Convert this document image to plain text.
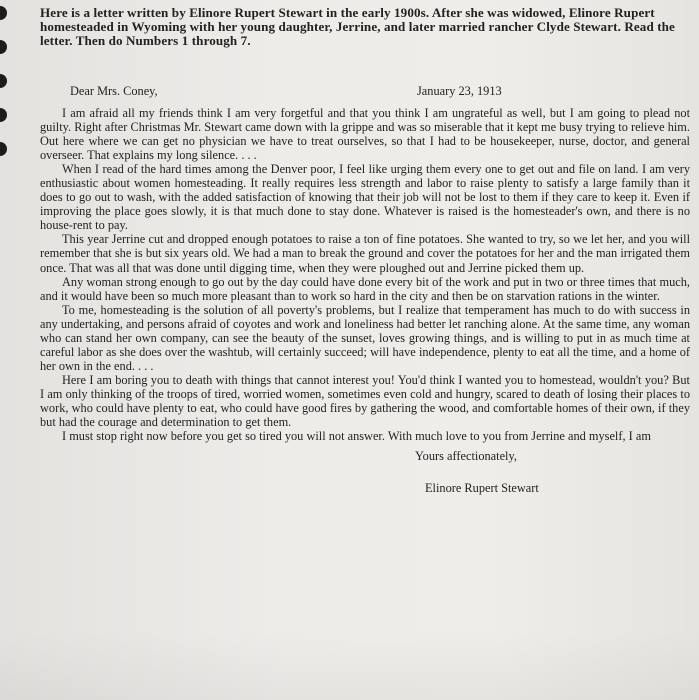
Here is a letter written by Elinore Rupert Stewart in the early 1900s. After she was widowed, Elinore Rupert homesteaded in Wyoming with her young daughter, Jerrine, and later married rancher Clyde Stewart. Read the letter. Then do Numbers 1 through 7.

Dear Mrs. Coney,	January 23, 1913

I am afraid all my friends think I am very forgetful and that you think I am ungrateful as well, but I am going to plead not guilty. Right after Christmas Mr. Stewart came down with la grippe and was so miserable that it kept me busy trying to relieve him. Out here where we can get no physician we have to treat ourselves, so that I had to be housekeeper, nurse, doctor, and general overseer. That explains my long silence. . . .

When I read of the hard times among the Denver poor, I feel like urging them every one to get out and file on land. I am very enthusiastic about women homesteading. It really requires less strength and labor to raise plenty to satisfy a large family than it does to go out to wash, with the added satisfaction of knowing that their job will not be lost to them if they care to keep it. Even if improving the place goes slowly, it is that much done to stay done. Whatever is raised is the homesteader's own, and there is no house-rent to pay.

This year Jerrine cut and dropped enough potatoes to raise a ton of fine potatoes. She wanted to try, so we let her, and you will remember that she is but six years old. We had a man to break the ground and cover the potatoes for her and the man irrigated them once. That was all that was done until digging time, when they were ploughed out and Jerrine picked them up.

Any woman strong enough to go out by the day could have done every bit of the work and put in two or three times that much, and it would have been so much more pleasant than to work so hard in the city and then be on starvation rations in the winter.

To me, homesteading is the solution of all poverty's problems, but I realize that temperament has much to do with success in any undertaking, and persons afraid of coyotes and work and loneliness had better let ranching alone. At the same time, any woman who can stand her own company, can see the beauty of the sunset, loves growing things, and is willing to put in as much time at careful labor as she does over the washtub, will certainly succeed; will have independence, plenty to eat all the time, and a home of her own in the end. . . .

Here I am boring you to death with things that cannot interest you! You'd think I wanted you to homestead, wouldn't you? But I am only thinking of the troops of tired, worried women, sometimes even cold and hungry, scared to death of losing their places to work, who could have plenty to eat, who could have good fires by gathering the wood, and comfortable homes of their own, if they but had the courage and determination to get them.

I must stop right now before you get so tired you will not answer. With much love to you from Jerrine and myself, I am

Yours affectionately,
Elinore Rupert Stewart
